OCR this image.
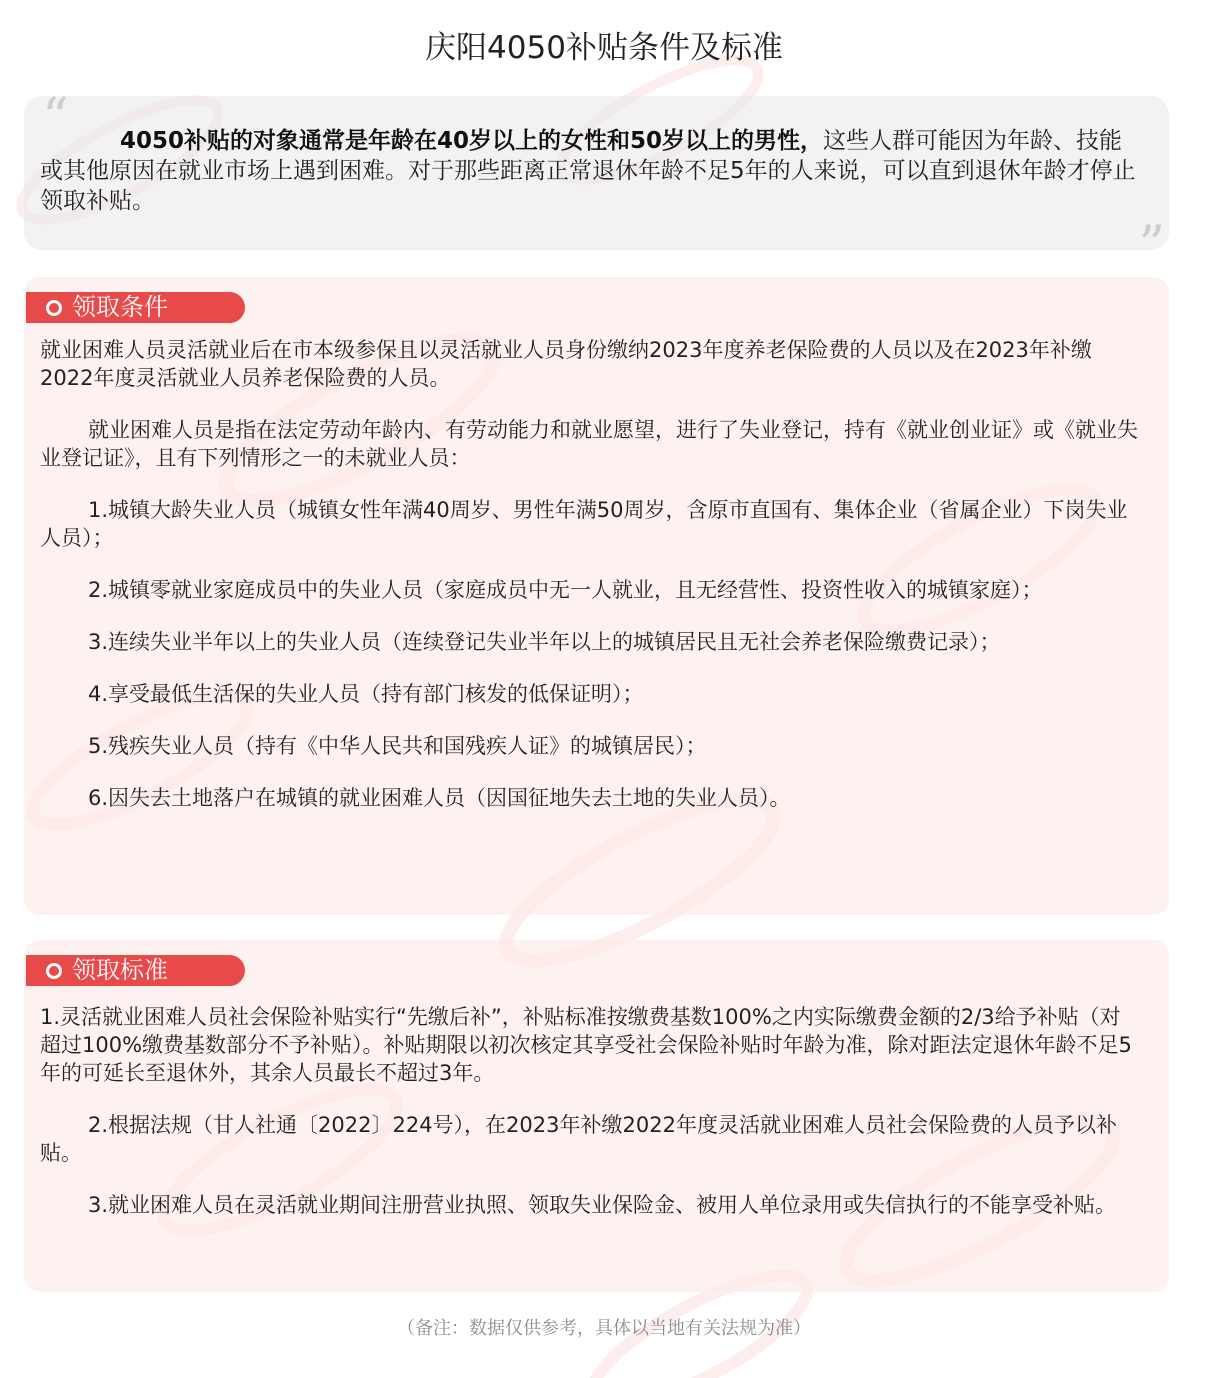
庆阳4050补贴条件及标准
“
”
4050补贴的对象通常是年龄在40岁以上的女性和50岁以上的男性，这些人群可能因为年龄、技能或其他原因在就业市场上遇到困难。对于那些距离正常退休年龄不足5年的人来说，可以直到退休年龄才停止领取补贴。
领取条件

就业困难人员灵活就业后在市本级参保且以灵活就业人员身份缴纳2023年度养老保险费的人员以及在2023年补缴2022年度灵活就业人员养老保险费的人员。

就业困难人员是指在法定劳动年龄内、有劳动能力和就业愿望，进行了失业登记，持有《就业创业证》或《就业失业登记证》，且有下列情形之一的未就业人员：

1.城镇大龄失业人员（城镇女性年满40周岁、男性年满50周岁，含原市直国有、集体企业（省属企业）下岗失业人员）；

2.城镇零就业家庭成员中的失业人员（家庭成员中无一人就业，且无经营性、投资性收入的城镇家庭）；

3.连续失业半年以上的失业人员（连续登记失业半年以上的城镇居民且无社会养老保险缴费记录）；

4.享受最低生活保的失业人员（持有部门核发的低保证明）；

5.残疾失业人员（持有《中华人民共和国残疾人证》的城镇居民）；

6.因失去土地落户在城镇的就业困难人员（因国征地失去土地的失业人员）。

领取标准

1.灵活就业困难人员社会保险补贴实行“先缴后补”，补贴标准按缴费基数100%之内实际缴费金额的2/3给予补贴（对超过100%缴费基数部分不予补贴）。补贴期限以初次核定其享受社会保险补贴时年龄为准，除对距法定退休年龄不足5年的可延长至退休外，其余人员最长不超过3年。

2.根据法规（甘人社通〔2022〕224号），在2023年补缴2022年度灵活就业困难人员社会保险费的人员予以补贴。

3.就业困难人员在灵活就业期间注册营业执照、领取失业保险金、被用人单位录用或失信执行的不能享受补贴。

（备注：数据仅供参考，具体以当地有关法规为准）
